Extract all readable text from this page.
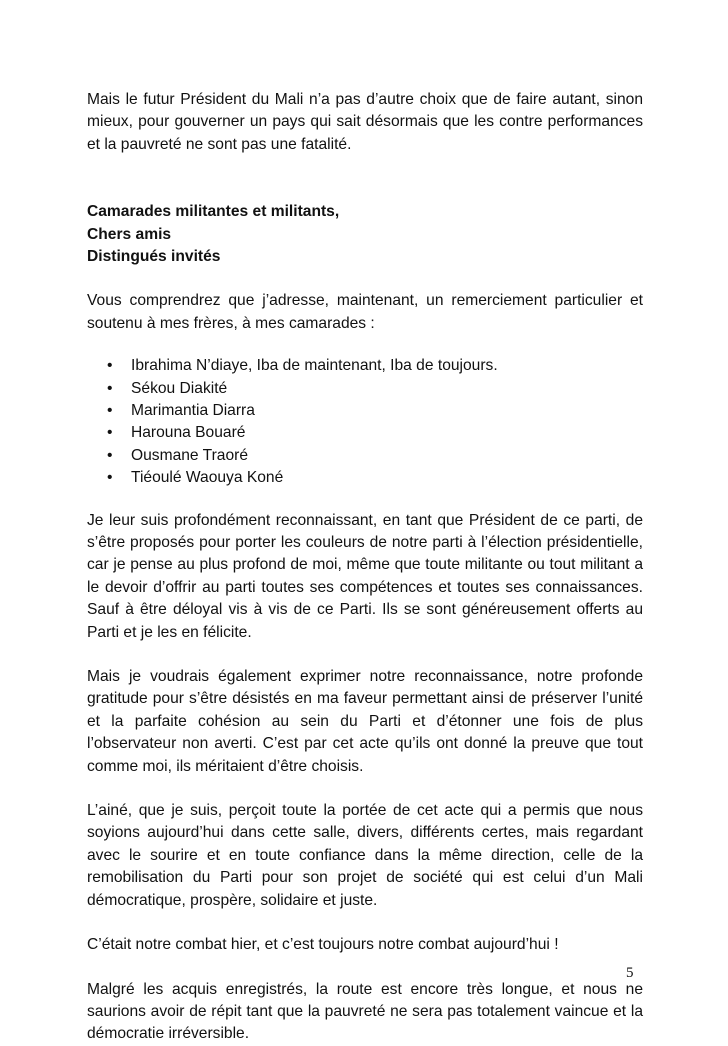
Mais le futur Président du Mali n’a pas d’autre choix que de faire autant, sinon mieux, pour gouverner un pays qui sait désormais que les contre performances et la pauvreté ne sont pas une fatalité.

Camarades militantes et militants,
Chers amis
Distingués invités

Vous comprendrez que j’adresse, maintenant, un remerciement particulier et soutenu à mes frères, à mes camarades :

• Ibrahima N’diaye, Iba de maintenant, Iba de toujours.
• Sékou Diakité
• Marimantia Diarra
• Harouna Bouaré
• Ousmane Traoré
• Tiéoulé Waouya Koné

Je leur suis profondément reconnaissant, en tant que Président de ce parti, de s’être proposés pour porter les couleurs de notre parti à l’élection présidentielle, car je pense au plus profond de moi, même que toute militante ou tout militant a le devoir d’offrir au parti toutes ses compétences et toutes ses connaissances. Sauf à être déloyal vis à vis de ce Parti. Ils se sont généreusement offerts au Parti et je les en félicite.

Mais je voudrais également exprimer notre reconnaissance, notre profonde gratitude pour s’être désistés en ma faveur permettant ainsi de préserver l’unité et la parfaite cohésion au sein du Parti et d’étonner une fois de plus l’observateur non averti. C’est par cet acte qu’ils ont donné la preuve que tout comme moi, ils méritaient d’être choisis.

L’ainé, que je suis, perçoit toute la portée de cet acte qui a permis que nous soyions aujourd’hui dans cette salle, divers, différents certes, mais regardant avec le sourire et en toute confiance dans la même direction, celle de la remobilisation du Parti pour son projet de société qui est celui d’un Mali démocratique, prospère, solidaire et juste.

C’était notre combat hier, et c’est toujours notre combat aujourd’hui !

Malgré les acquis enregistrés, la route est encore très longue, et nous ne saurions avoir de répit tant que la pauvreté ne sera pas totalement vaincue et la démocratie irréversible.

5
